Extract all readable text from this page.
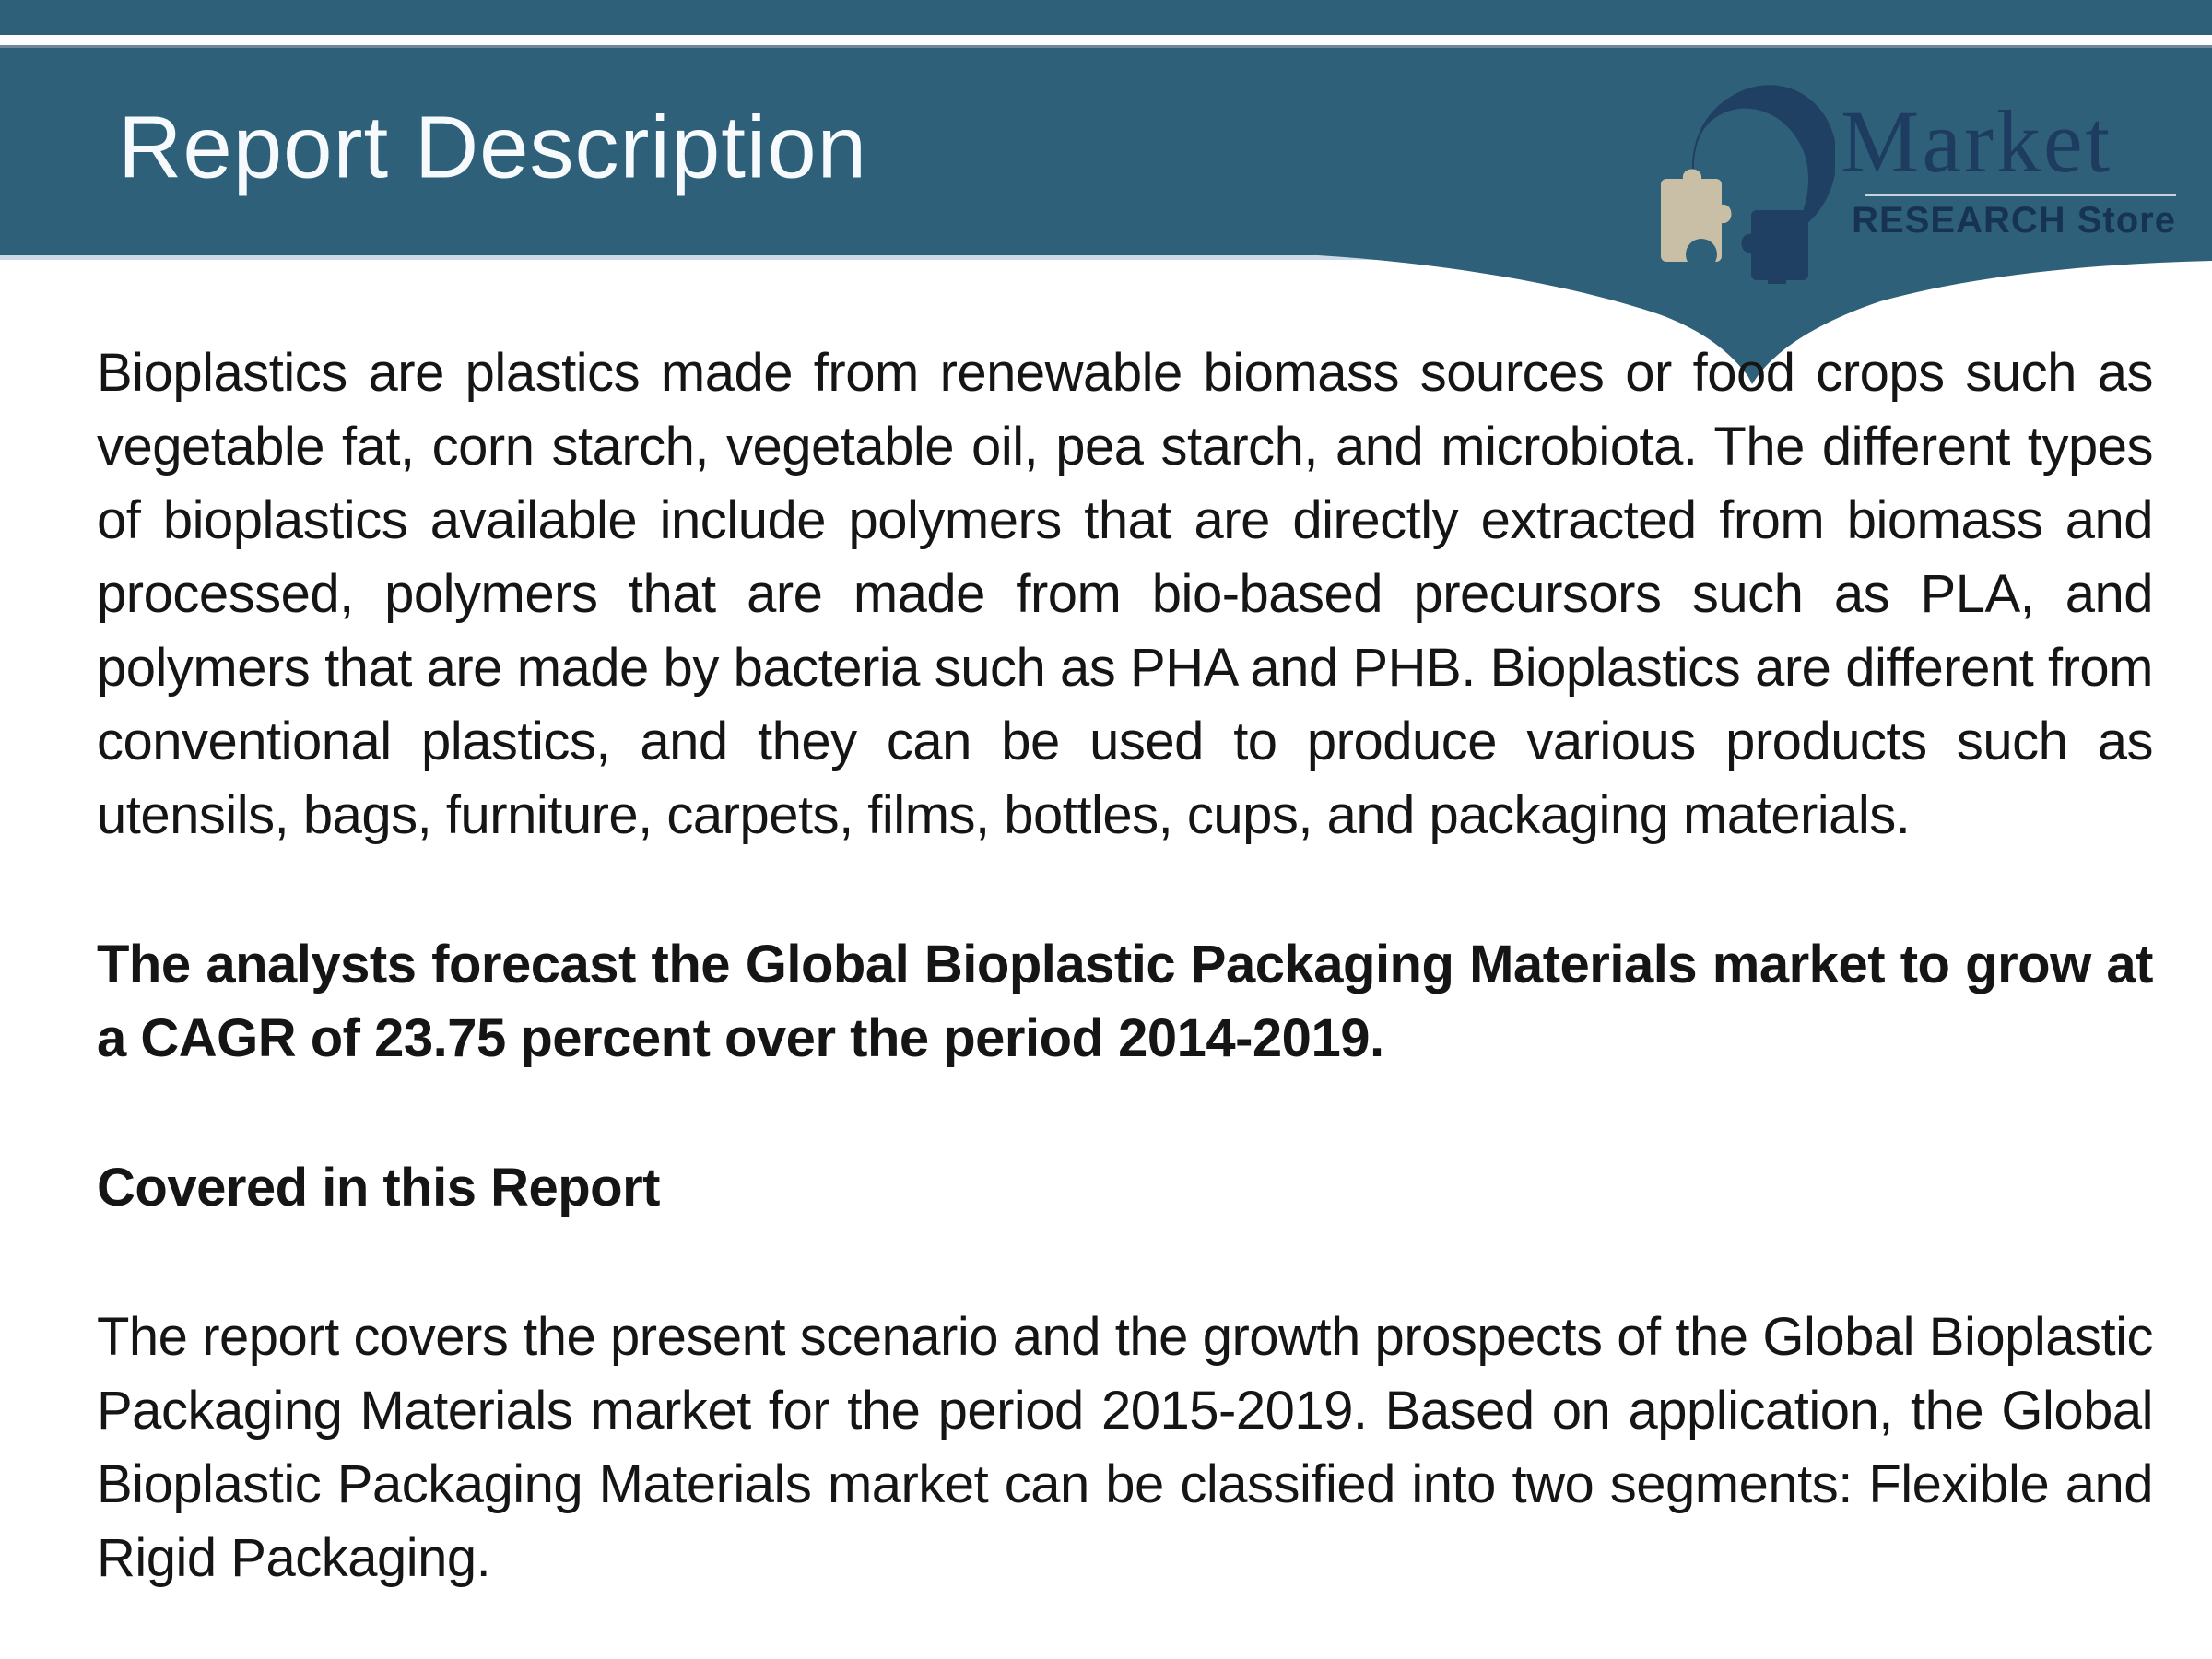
Report Description	Market
RESEARCH Store

Bioplastics are plastics made from renewable biomass sources or food crops such as vegetable fat, corn starch, vegetable oil, pea starch, and microbiota. The different types of bioplastics available include polymers that are directly extracted from biomass and processed, polymers that are made from bio-based precursors such as PLA, and polymers that are made by bacteria such as PHA and PHB. Bioplastics are different from conventional plastics, and they can be used to produce various products such as utensils, bags, furniture, carpets, films, bottles, cups, and packaging materials.

The analysts forecast the Global Bioplastic Packaging Materials market to grow at a CAGR of 23.75 percent over the period 2014-2019.

Covered in this Report

The report covers the present scenario and the growth prospects of the Global Bioplastic Packaging Materials market for the period 2015-2019. Based on application, the Global Bioplastic Packaging Materials market can be classified into two segments: Flexible and Rigid Packaging.
